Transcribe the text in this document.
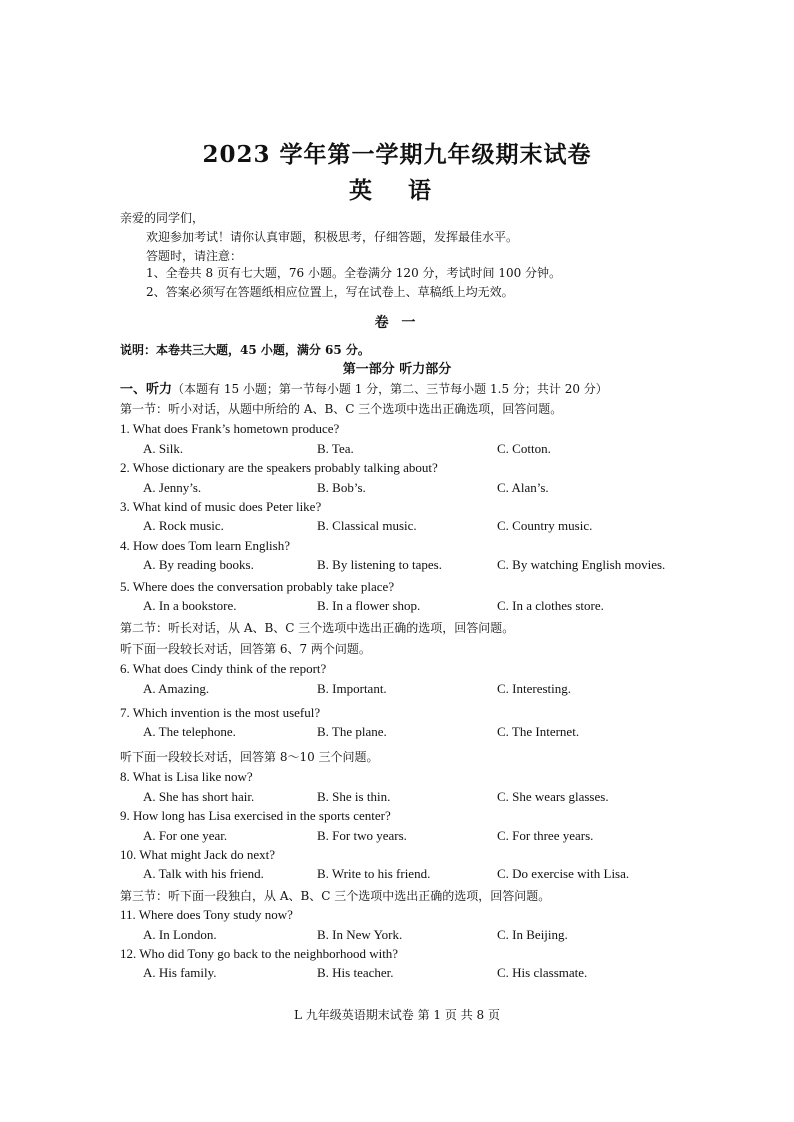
2023 学年第一学期九年级期末试卷
英 语
亲爱的同学们，
欢迎参加考试！请你认真审题，积极思考，仔细答题，发挥最佳水平。
答题时，请注意：
1、全卷共 8 页有七大题，76 小题。全卷满分 120 分，考试时间 100 分钟。
2、答案必须写在答题纸相应位置上，写在试卷上、草稿纸上均无效。
卷 一
说明：本卷共三大题，45 小题，满分 65 分。
第一部分 听力部分
一、听力（本题有 15 小题；第一节每小题 1 分，第二、三节每小题 1.5 分；共计 20 分）
第一节：听小对话，从题中所给的 A、B、C 三个选项中选出正确选项，回答问题。
1. What does Frank’s hometown produce?
A. Silk.	B. Tea.	C. Cotton.
2. Whose dictionary are the speakers probably talking about?
A. Jenny’s.	B. Bob’s.	C. Alan’s.
3. What kind of music does Peter like?
A. Rock music.	B. Classical music.	C. Country music.
4. How does Tom learn English?
A. By reading books.	B. By listening to tapes.	C. By watching English movies.
5. Where does the conversation probably take place?
A. In a bookstore.	B. In a flower shop.	C. In a clothes store.
第二节：听长对话，从 A、B、C 三个选项中选出正确的选项，回答问题。
听下面一段较长对话，回答第 6、7 两个问题。
6. What does Cindy think of the report?
A. Amazing.	B. Important.	C. Interesting.
7. Which invention is the most useful?
A. The telephone.	B. The plane.	C. The Internet.
听下面一段较长对话，回答第 8～10 三个问题。
8. What is Lisa like now?
A. She has short hair.	B. She is thin.	C. She wears glasses.
9. How long has Lisa exercised in the sports center?
A. For one year.	B. For two years.	C. For three years.
10. What might Jack do next?
A. Talk with his friend.	B. Write to his friend.	C. Do exercise with Lisa.
第三节：听下面一段独白，从 A、B、C 三个选项中选出正确的选项，回答问题。
11. Where does Tony study now?
A. In London.	B. In New York.	C. In Beijing.
12. Who did Tony go back to the neighborhood with?
A. His family.	B. His teacher.	C. His classmate.
L 九年级英语期末试卷 第 1 页 共 8 页
